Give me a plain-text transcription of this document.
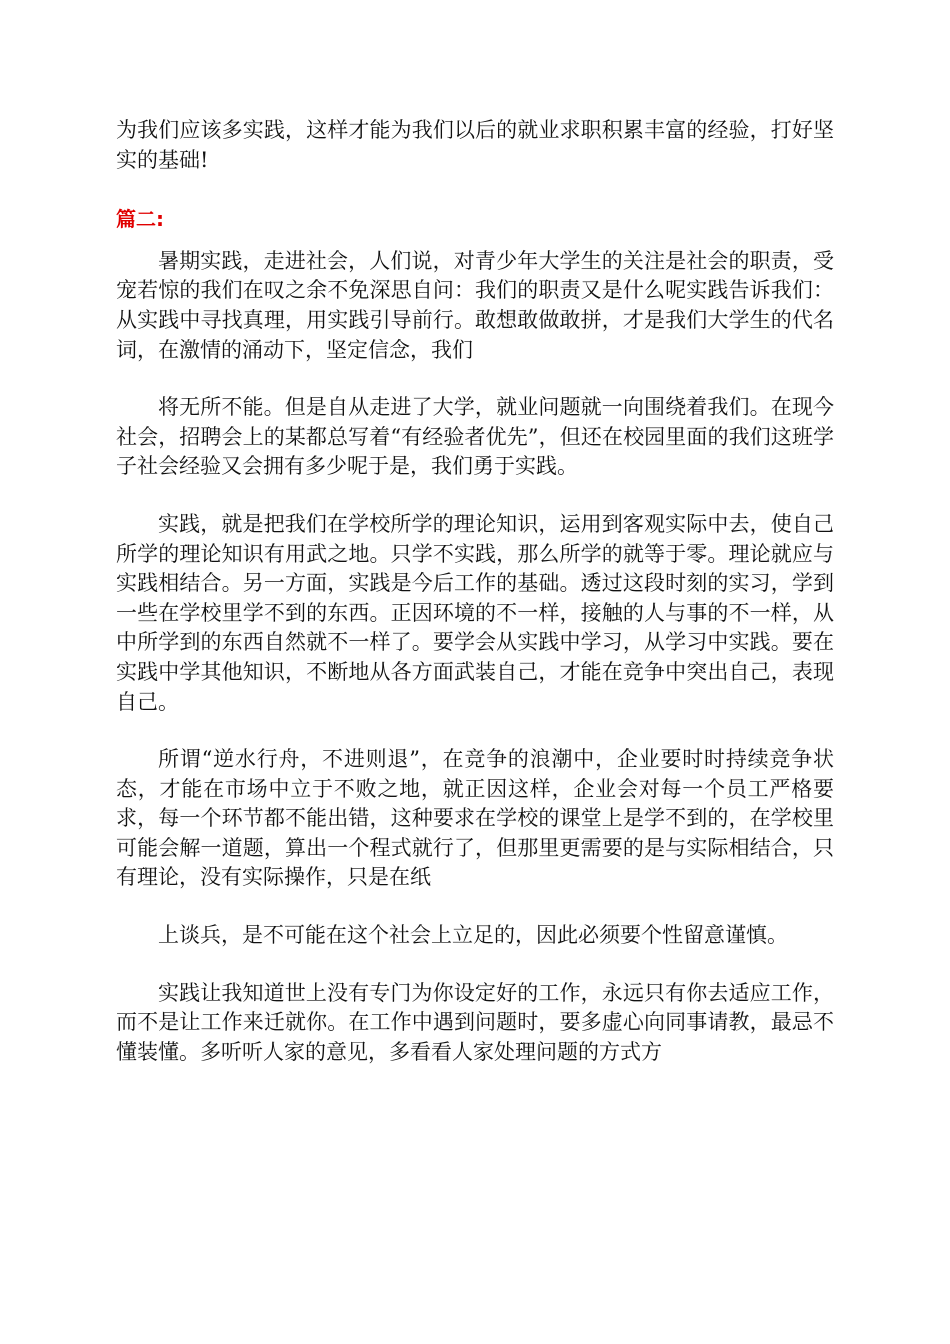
为我们应该多实践，这样才能为我们以后的就业求职积累丰富的经验，打好坚实的基础!

篇二:

暑期实践，走进社会，人们说，对青少年大学生的关注是社会的职责，受宠若惊的我们在叹之余不免深思自问：我们的职责又是什么呢实践告诉我们：从实践中寻找真理，用实践引导前行。敢想敢做敢拼，才是我们大学生的代名词，在激情的涌动下，坚定信念，我们

将无所不能。但是自从走进了大学，就业问题就一向围绕着我们。在现今社会，招聘会上的某都总写着“有经验者优先”，但还在校园里面的我们这班学子社会经验又会拥有多少呢于是，我们勇于实践。

实践，就是把我们在学校所学的理论知识，运用到客观实际中去，使自己所学的理论知识有用武之地。只学不实践，那么所学的就等于零。理论就应与实践相结合。另一方面，实践是今后工作的基础。透过这段时刻的实习，学到一些在学校里学不到的东西。正因环境的不一样，接触的人与事的不一样，从中所学到的东西自然就不一样了。要学会从实践中学习，从学习中实践。要在实践中学其他知识，不断地从各方面武装自己，才能在竞争中突出自己，表现自己。

所谓“逆水行舟，不进则退”，在竞争的浪潮中，企业要时时持续竞争状态，才能在市场中立于不败之地，就正因这样，企业会对每一个员工严格要求，每一个环节都不能出错，这种要求在学校的课堂上是学不到的，在学校里可能会解一道题，算出一个程式就行了，但那里更需要的是与实际相结合，只有理论，没有实际操作，只是在纸

上谈兵，是不可能在这个社会上立足的，因此必须要个性留意谨慎。

实践让我知道世上没有专门为你设定好的工作，永远只有你去适应工作，而不是让工作来迁就你。在工作中遇到问题时，要多虚心向同事请教，最忌不懂装懂。多听听人家的意见，多看看人家处理问题的方式方
